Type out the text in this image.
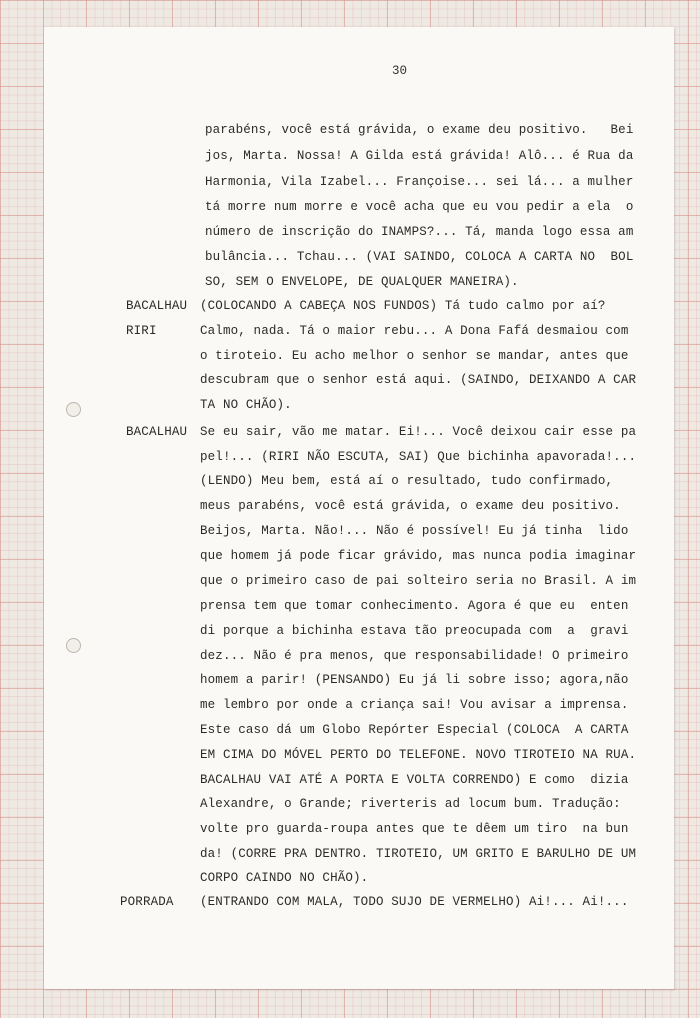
30
parabéns, você está grávida, o exame deu positivo.   Bei
jos, Marta. Nossa! A Gilda está grávida! Alô... é Rua da
Harmonia, Vila Izabel... Françoise... sei lá... a mulher
tá morre num morre e você acha que eu vou pedir a ela  o
número de inscrição do INAMPS?... Tá, manda logo essa am
bulância... Tchau... (VAI SAINDO, COLOCA A CARTA NO  BOL
SO, SEM O ENVELOPE, DE QUALQUER MANEIRA).
BACALHAU (COLOCANDO A CABEÇA NOS FUNDOS) Tá tudo calmo por aí?
RIRI	Calmo, nada. Tá o maior rebu... A Dona Fafá desmaiou com
o tiroteio. Eu acho melhor o senhor se mandar, antes que
descubram que o senhor está aqui. (SAINDO, DEIXANDO A CAR
TA NO CHÃO).
BACALHAU Se eu sair, vão me matar. Ei!... Você deixou cair esse pa
pel!... (RIRI NÃO ESCUTA, SAI) Que bichinha apavorada!...
(LENDO) Meu bem, está aí o resultado, tudo confirmado,
meus parabéns, você está grávida, o exame deu positivo.
Beijos, Marta. Não!... Não é possível! Eu já tinha  lido
que homem já pode ficar grávido, mas nunca podia imaginar
que o primeiro caso de pai solteiro seria no Brasil. A im
prensa tem que tomar conhecimento. Agora é que eu  enten
di porque a bichinha estava tão preocupada com  a  gravi
dez... Não é pra menos, que responsabilidade! O primeiro
homem a parir! (PENSANDO) Eu já li sobre isso; agora,não
me lembro por onde a criança sai! Vou avisar a imprensa.
Este caso dá um Globo Repórter Especial (COLOCA  A CARTA
EM CIMA DO MÓVEL PERTO DO TELEFONE. NOVO TIROTEIO NA RUA.
BACALHAU VAI ATÉ A PORTA E VOLTA CORRENDO) E como  dizia
Alexandre, o Grande; riverteris ad locum bum. Tradução:
volte pro guarda-roupa antes que te dêem um tiro  na bun
da! (CORRE PRA DENTRO. TIROTEIO, UM GRITO E BARULHO DE UM
CORPO CAINDO NO CHÃO).
PORRADA (ENTRANDO COM MALA, TODO SUJO DE VERMELHO) Ai!... Ai!...
